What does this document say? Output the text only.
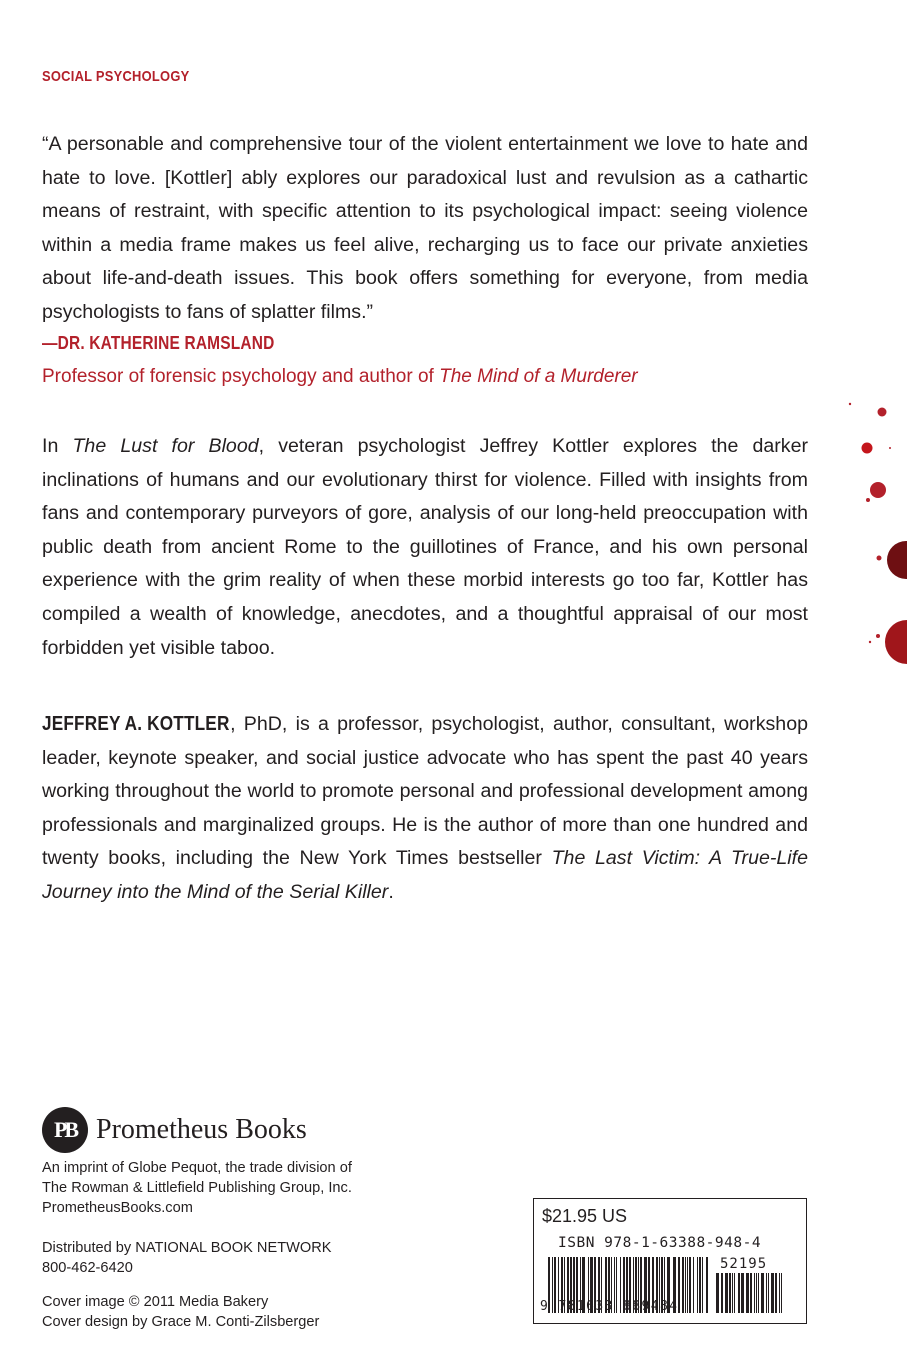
SOCIAL PSYCHOLOGY

“A personable and comprehensive tour of the violent entertainment we love to hate and hate to love. [Kottler] ably explores our paradoxical lust and revulsion as a cathartic means of restraint, with specific attention to its psychological impact: seeing violence within a media frame makes us feel alive, recharging us to face our private anxieties about life-and-death issues. This book offers something for everyone, from media psychologists to fans of splatter films.”

—DR. KATHERINE RAMSLAND
Professor of forensic psychology and author of The Mind of a Murderer

In The Lust for Blood, veteran psychologist Jeffrey Kottler explores the darker inclinations of humans and our evolutionary thirst for violence. Filled with insights from fans and contemporary purveyors of gore, analysis of our long-held preoccupation with public death from ancient Rome to the guillotines of France, and his own personal experience with the grim reality of when these morbid interests go too far, Kottler has compiled a wealth of knowledge, anecdotes, and a thoughtful appraisal of our most forbidden yet visible taboo.

JEFFREY A. KOTTLER, PhD, is a professor, psychologist, author, consultant, workshop leader, keynote speaker, and social justice advocate who has spent the past 40 years working throughout the world to promote personal and professional development among professionals and marginalized groups. He is the author of more than one hundred and twenty books, including the New York Times bestseller The Last Victim: A True-Life Journey into the Mind of the Serial Killer.

PB Prometheus Books
An imprint of Globe Pequot, the trade division of
The Rowman & Littlefield Publishing Group, Inc.
PrometheusBooks.com
Distributed by NATIONAL BOOK NETWORK
800-462-6420
Cover image © 2011 Media Bakery
Cover design by Grace M. Conti-Zilsberger
$21.95 US
ISBN 978-1-63388-948-4
52195
9 781633 889484
